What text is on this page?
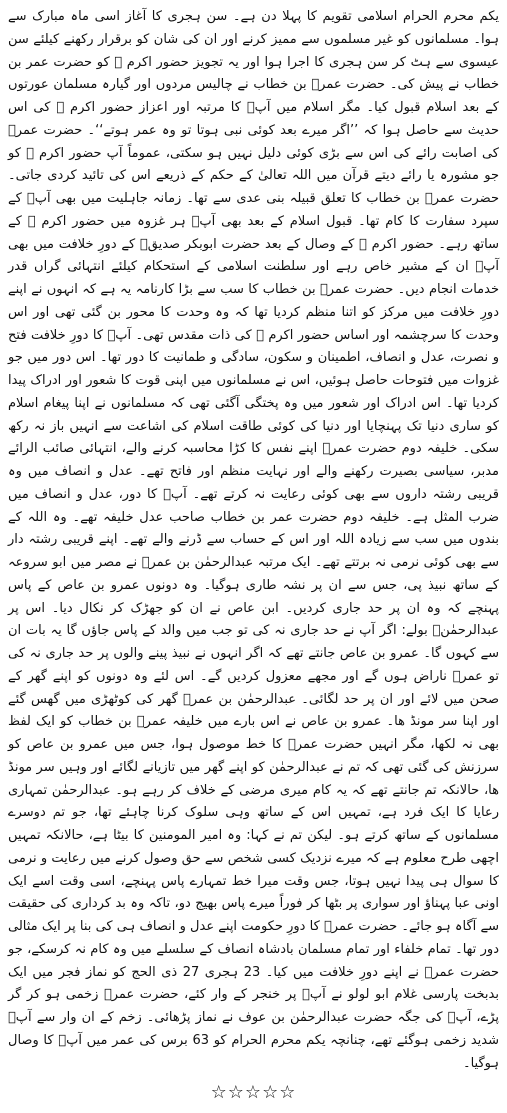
یکم محرم الحرام اسلامی تقویم کا پہلا دن ہے۔ سن ہجری کا آغاز اسی ماہ مبارک سے ہوا۔ مسلمانوں کو غیر مسلموں سے ممیز کرنے اور ان کی شان کو برقرار رکھنے کیلئے سن عیسوی سے ہٹ کر سن ہجری کا اجرا ہوا اور یہ تجویز حضور اکرم ﷺ کو حضرت عمر بن خطاب نے پیش کی۔ حضرت عمرؓ بن خطاب نے چالیس مردوں اور گیارہ مسلمان عورتوں کے بعد اسلام قبول کیا۔ مگر اسلام میں آپؓ کا مرتبہ اور اعزاز حضور اکرم ﷺ کی اس حدیث سے حاصل ہوا کہ ’’اگر میرے بعد کوئی نبی ہوتا تو وہ عمر ہوتے‘‘۔ حضرت عمرؓ کی اصابت رائے کی اس سے بڑی کوئی دلیل نہیں ہو سکتی، عموماً آپ حضور اکرم ﷺ کو جو مشورہ یا رائے دیتے قرآن میں اللہ تعالیٰ کے حکم کے ذریعے اس کی تائید کردی جاتی۔ حضرت عمرؓ بن خطاب کا تعلق قبیلہ بنی عدی سے تھا۔ زمانہ جاہلیت میں بھی آپؓ کے سپرد سفارت کا کام تھا۔ قبول اسلام کے بعد بھی آپؓ ہر غزوہ میں حضور اکرم ﷺ کے ساتھ رہے۔ حضور اکرم ﷺ کے وصال کے بعد حضرت ابوبکر صدیقؓ کے دورِ خلافت میں بھی آپؓ ان کے مشیر خاص رہے اور سلطنت اسلامی کے استحکام کیلئے انتہائی گراں قدر خدمات انجام دیں۔ حضرت عمرؓ بن خطاب کا سب سے بڑا کارنامہ یہ ہے کہ انہوں نے اپنے دورِ خلافت میں مرکز کو اتنا منظم کردیا تھا کہ وہ وحدت کا محور بن گئی تھی اور اس وحدت کا سرچشمہ اور اساس حضور اکرم ﷺ کی ذات مقدس تھی۔ آپؓ کا دورِ خلافت فتح و نصرت، عدل و انصاف، اطمینان و سکون، سادگی و طمانیت کا دور تھا۔ اس دور میں جو غزوات میں فتوحات حاصل ہوئیں، اس نے مسلمانوں میں اپنی قوت کا شعور اور ادراک پیدا کردیا تھا۔ اس ادراک اور شعور میں وہ پختگی آگئی تھی کہ مسلمانوں نے اپنا پیغام اسلام کو ساری دنیا تک پہنچایا اور دنیا کی کوئی طاقت اسلام کی اشاعت سے انہیں باز نہ رکھ سکی۔ خلیفہ دوم حضرت عمرؓ اپنے نفس کا کڑا محاسبہ کرنے والے، انتہائی صائب الرائے مدبر، سیاسی بصیرت رکھنے والے اور نہایت منظم اور فاتح تھے۔ عدل و انصاف میں وہ قریبی رشتہ داروں سے بھی کوئی رعایت نہ کرتے تھے۔ آپؓ کا دور، عدل و انصاف میں ضرب المثل ہے۔ خلیفہ دوم حضرت عمر بن خطاب صاحب عدل خلیفہ تھے۔ وہ اللہ کے بندوں میں سب سے زیادہ اللہ اور اس کے حساب سے ڈرنے والے تھے۔ اپنے قریبی رشتہ دار سے بھی کوئی نرمی نہ برتتے تھے۔ ایک مرتبہ عبدالرحمٰن بن عمرؓ نے مصر میں ابو سروعہ کے ساتھ نبیذ پی، جس سے ان پر نشہ طاری ہوگیا۔ وہ دونوں عمرو بن عاص کے پاس پہنچے کہ وہ ان پر حد جاری کردیں۔ ابن عاص نے ان کو جھڑک کر نکال دیا۔ اس پر عبدالرحمٰنؓ بولے: اگر آپ نے حد جاری نہ کی تو جب میں والد کے پاس جاؤں گا یہ بات ان سے کہوں گا۔ عمرو بن عاص جانتے تھے کہ اگر انہوں نے نبیذ پینے والوں پر حد جاری نہ کی تو عمرؓ ناراض ہوں گے اور مجھے معزول کردیں گے۔ اس لئے وہ دونوں کو اپنے گھر کے صحن میں لائے اور ان پر حد لگائی۔ عبدالرحمٰن بن عمرؓ گھر کی کوٹھڑی میں گھس گئے اور اپنا سر مونڈ ھا۔ عمرو بن عاص نے اس بارے میں خلیفہ عمرؓ بن خطاب کو ایک لفظ بھی نہ لکھا، مگر انہیں حضرت عمرؓ کا خط موصول ہوا، جس میں عمرو بن عاص کو سرزنش کی گئی تھی کہ تم نے عبدالرحمٰن کو اپنے گھر میں تازیانے لگائے اور وہیں سر مونڈ ھا، حالانکہ تم جانتے تھے کہ یہ کام میری مرضی کے خلاف کر رہے ہو۔ عبدالرحمٰن تمہاری رعایا کا ایک فرد ہے، تمہیں اس کے ساتھ وہی سلوک کرنا چاہئے تھا، جو تم دوسرے مسلمانوں کے ساتھ کرتے ہو۔ لیکن تم نے کہا: وہ امیر المومنین کا بیٹا ہے، حالانکہ تمہیں اچھی طرح معلوم ہے کہ میرے نزدیک کسی شخص سے حق وصول کرنے میں رعایت و نرمی کا سوال ہی پیدا نہیں ہوتا، جس وقت میرا خط تمہارے پاس پہنچے، اسی وقت اسے ایک اونی عبا پہناؤ اور سواری پر بٹھا کر فوراً میرے پاس بھیج دو، تاکہ وہ بد کرداری کی حقیقت سے آگاہ ہو جائے۔ حضرت عمرؓ کا دورِ حکومت اپنے عدل و انصاف ہی کی بنا پر ایک مثالی دور تھا۔ تمام خلفاء اور تمام مسلمان بادشاہ انصاف کے سلسلے میں وہ کام نہ کرسکے، جو حضرت عمرؓ نے اپنے دورِ خلافت میں کیا۔ 23 ہجری 27 ذی الحج کو نماز فجر میں ایک بدبخت پارسی غلام ابو لولو نے آپؓ پر خنجر کے وار کئے، حضرت عمرؓ زخمی ہو کر گر پڑے، آپؓ کی جگہ حضرت عبدالرحمٰن بن عوف نے نماز پڑھائی۔ زخم کے ان وار سے آپؓ شدید زخمی ہوگئے تھے، چنانچہ یکم محرم الحرام کو 63 برس کی عمر میں آپؓ کا وصال ہوگیا۔

☆☆☆☆☆
